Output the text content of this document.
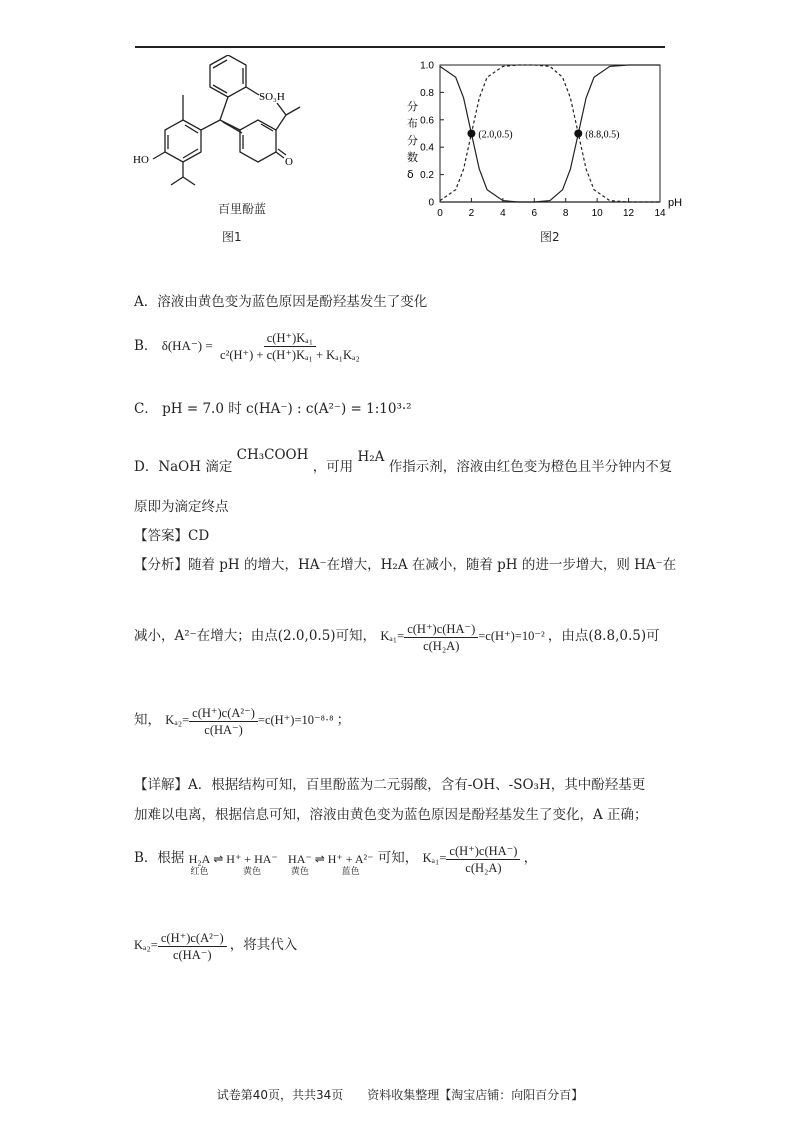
SO₃H
HO	O
百里酚蓝
图1
0	2	4	6	8 10 12 14
0
0.2
0.4
0.6
0.8
1.0
pH
分
布
分
数
δ
(2.0,0.5)	(8.8,0.5)
图2
A．溶液由黄色变为蓝色原因是酚羟基发生了变化
B． $\delta(HA^-) = \frac{\text{c(H⁺)Kₐ₁}}{\text{c²(H⁺) + c(H⁺)Kₐ₁ + Kₐ₁Kₐ₂}}$
C． pH = 7.0 时 c(HA⁻) : c(A²⁻) = 1:10³·²
D．NaOH 滴定 CH₃COOH ，可用 H₂A 作指示剂，溶液由红色变为橙色且半分钟内不复
原即为滴定终点
【答案】CD
【分析】随着 pH 的增大，HA⁻在增大，H₂A 在减小，随着 pH 的进一步增大，则 HA⁻在
减小，A²⁻在增大；由点(2.0,0.5)可知， $K_{a1}= \frac{c(H^+)c(HA^-)}{\text{c(H₂A)}} =c(H^+)=10^{-2}$ ，由点(8.8,0.5)可
知， $K_{a2}= \frac{\text{c(H⁺)c(A²⁻)}}{c(HA^-)} =c(H^+)=10^{-8}\cdot^8$ ；
【详解】A．根据结构可知，百里酚蓝为二元弱酸，含有-OH、-SO₃H，其中酚羟基更
加难以电离，根据信息可知，溶液由黄色变为蓝色原因是酚羟基发生了变化，A 正确；
B．根据 H₂A
红色
⇌ H⁺ + HA⁻
黄色

HA⁻
黄色
⇌ H⁺ + A²⁻
蓝色
可知， $K_{a1}= \frac{c(H^+)c(HA^-)}{\text{c(H₂A)}}$ ，
$K_{a2}= \frac{\text{c(H⁺)c(A²⁻)}}{c(HA^-)}$ ，将其代入
试卷第40页，共共34页　　资料收集整理【淘宝店铺：向阳百分百】
